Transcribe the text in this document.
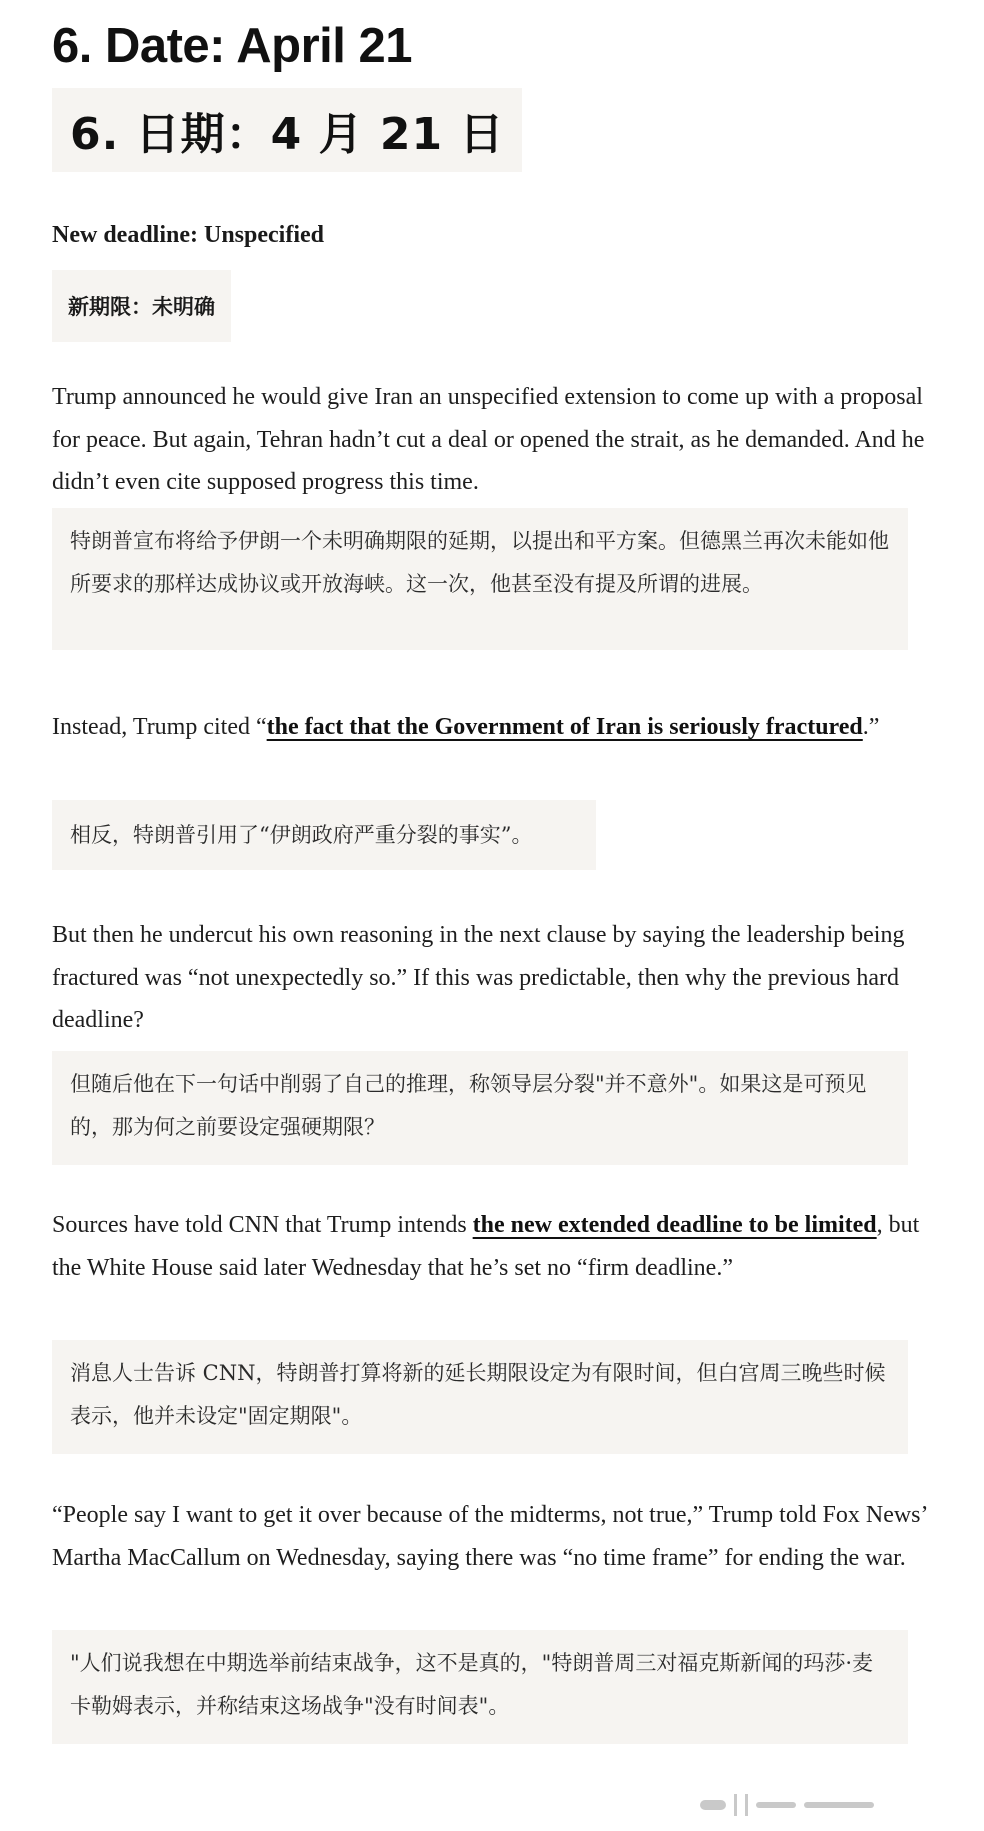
6. Date: April 21
6. 日期：4 月 21 日
New deadline: Unspecified
新期限：未明确

Trump announced he would give Iran an unspecified extension to come up with a proposal for peace. But again, Tehran hadn’t cut a deal or opened the strait, as he demanded. And he didn’t even cite supposed progress this time.

特朗普宣布将给予伊朗一个未明确期限的延期，以提出和平方案。但德黑兰再次未能如他所要求的那样达成协议或开放海峡。这一次，他甚至没有提及所谓的进展。

Instead, Trump cited “the fact that the Government of Iran is seriously fractured.”

相反，特朗普引用了“伊朗政府严重分裂的事实”。

But then he undercut his own reasoning in the next clause by saying the leadership being fractured was “not unexpectedly so.” If this was predictable, then why the previous hard deadline?

但随后他在下一句话中削弱了自己的推理，称领导层分裂"并不意外"。如果这是可预见的，那为何之前要设定强硬期限？

Sources have told CNN that Trump intends the new extended deadline to be limited, but the White House said later Wednesday that he’s set no “firm deadline.”

消息人士告诉 CNN，特朗普打算将新的延长期限设定为有限时间，但白宫周三晚些时候表示，他并未设定"固定期限"。

“People say I want to get it over because of the midterms, not true,” Trump told Fox News’ Martha MacCallum on Wednesday, saying there was “no time frame” for ending the war.

"人们说我想在中期选举前结束战争，这不是真的，"特朗普周三对福克斯新闻的玛莎·麦卡勒姆表示，并称结束这场战争"没有时间表"。
